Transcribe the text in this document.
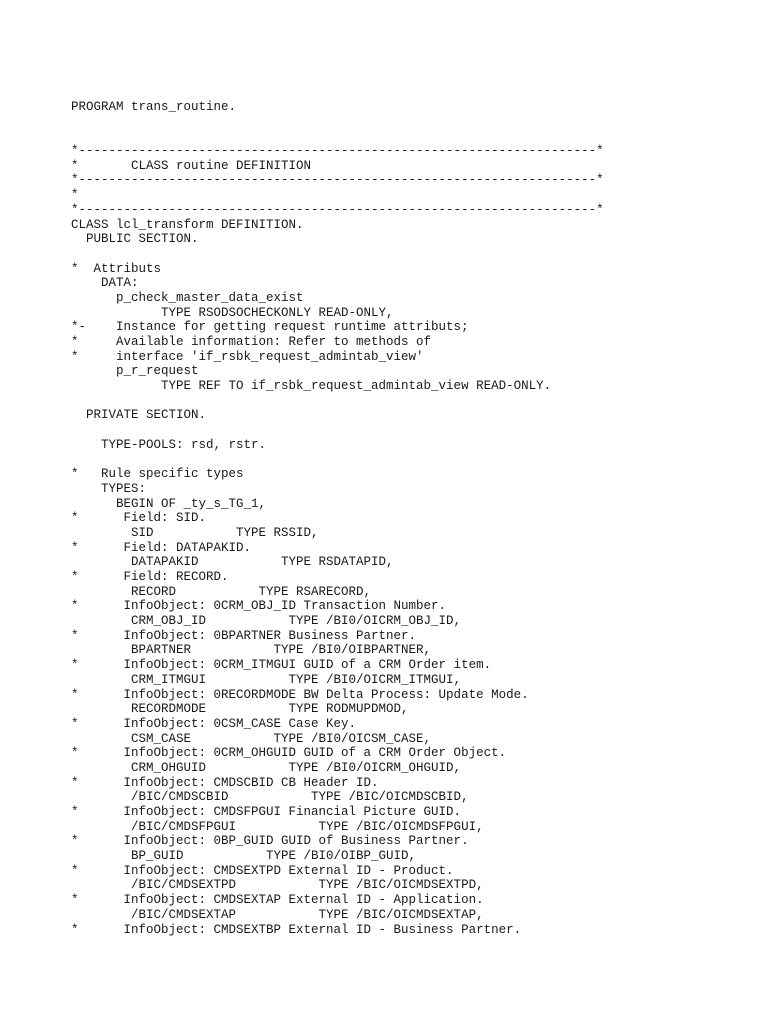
PROGRAM trans_routine.
*---------------------------------------------------------------------*
*       CLASS routine DEFINITION
*---------------------------------------------------------------------*
*
*---------------------------------------------------------------------*
CLASS lcl_transform DEFINITION.
PUBLIC SECTION.
*  Attributs
DATA:
p_check_master_data_exist
TYPE RSODSOCHECKONLY READ-ONLY,
*-    Instance for getting request runtime attributs;
*     Available information: Refer to methods of
*     interface 'if_rsbk_request_admintab_view'
p_r_request
TYPE REF TO if_rsbk_request_admintab_view READ-ONLY.
PRIVATE SECTION.
TYPE-POOLS: rsd, rstr.
*   Rule specific types
TYPES:
BEGIN OF _ty_s_TG_1,
*      Field: SID.
SID           TYPE RSSID,
*      Field: DATAPAKID.
DATAPAKID           TYPE RSDATAPID,
*      Field: RECORD.
RECORD           TYPE RSARECORD,
*      InfoObject: 0CRM_OBJ_ID Transaction Number.
CRM_OBJ_ID           TYPE /BI0/OICRM_OBJ_ID,
*      InfoObject: 0BPARTNER Business Partner.
BPARTNER           TYPE /BI0/OIBPARTNER,
*      InfoObject: 0CRM_ITMGUI GUID of a CRM Order item.
CRM_ITMGUI           TYPE /BI0/OICRM_ITMGUI,
*      InfoObject: 0RECORDMODE BW Delta Process: Update Mode.
RECORDMODE           TYPE RODMUPDMOD,
*      InfoObject: 0CSM_CASE Case Key.
CSM_CASE           TYPE /BI0/OICSM_CASE,
*      InfoObject: 0CRM_OHGUID GUID of a CRM Order Object.
CRM_OHGUID           TYPE /BI0/OICRM_OHGUID,
*      InfoObject: CMDSCBID CB Header ID.
/BIC/CMDSCBID           TYPE /BIC/OICMDSCBID,
*      InfoObject: CMDSFPGUI Financial Picture GUID.
/BIC/CMDSFPGUI           TYPE /BIC/OICMDSFPGUI,
*      InfoObject: 0BP_GUID GUID of Business Partner.
BP_GUID           TYPE /BI0/OIBP_GUID,
*      InfoObject: CMDSEXTPD External ID - Product.
/BIC/CMDSEXTPD           TYPE /BIC/OICMDSEXTPD,
*      InfoObject: CMDSEXTAP External ID - Application.
/BIC/CMDSEXTAP           TYPE /BIC/OICMDSEXTAP,
*      InfoObject: CMDSEXTBP External ID - Business Partner.
